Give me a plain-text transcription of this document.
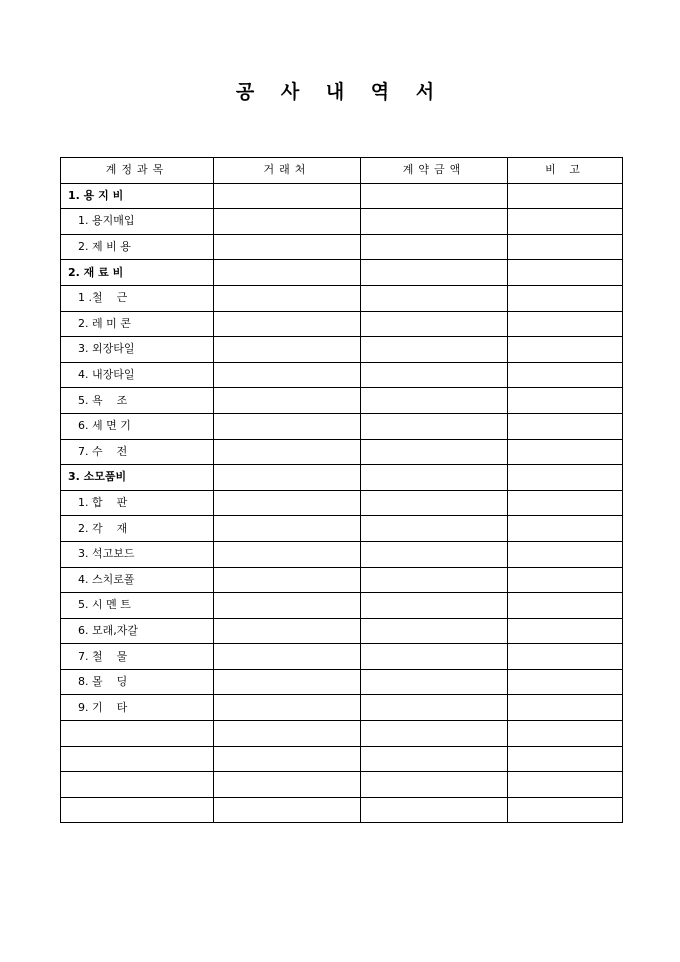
공 사 내 역 서
계정과목	거래처	계약금액	비 고
1. 용 지 비			
1. 용지매입			
2. 제 비 용			
2. 재 료 비			
1 .철    근			
2. 레 미 콘			
3. 외장타일			
4. 내장타일			
5. 욕    조			
6. 세 면 기			
7. 수    전			
3. 소모품비			
1. 합    판			
2. 각    재			
3. 석고보드			
4. 스치로폴			
5. 시 멘 트			
6. 모래,자갈			
7. 철    물			
8. 몰    딩			
9. 기    타			
